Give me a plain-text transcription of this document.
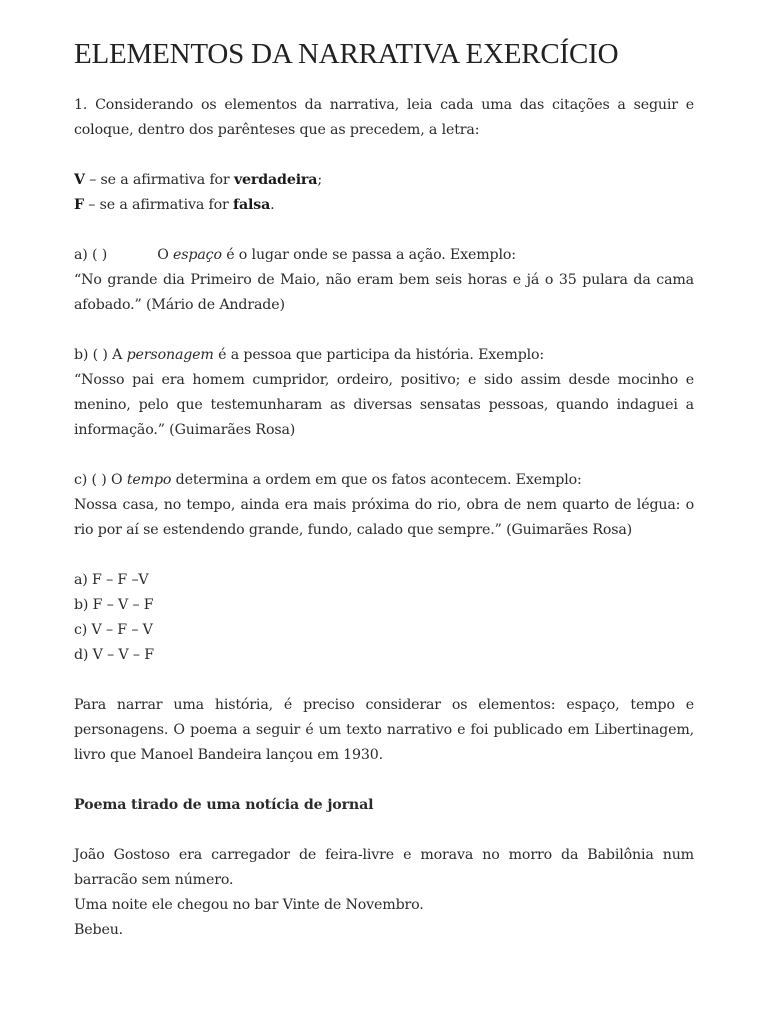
ELEMENTOS DA NARRATIVA EXERCÍCIO

1. Considerando os elementos da narrativa, leia cada uma das citações a seguir e coloque, dentro dos parênteses que as precedem, a letra:

V – se a afirmativa for verdadeira;

F – se a afirmativa for falsa.

a) ( )	O espaço é o lugar onde se passa a ação. Exemplo:

“No grande dia Primeiro de Maio, não eram bem seis horas e já o 35 pulara da cama afobado.” (Mário de Andrade)

b) ( ) A personagem é a pessoa que participa da história. Exemplo:

“Nosso pai era homem cumpridor, ordeiro, positivo; e sido assim desde mocinho e menino, pelo que testemunharam as diversas sensatas pessoas, quando indaguei a informação.” (Guimarães Rosa)

c) ( ) O tempo determina a ordem em que os fatos acontecem. Exemplo:

Nossa casa, no tempo, ainda era mais próxima do rio, obra de nem quarto de légua: o rio por aí se estendendo grande, fundo, calado que sempre.” (Guimarães Rosa)

a) F – F –V

b) F – V – F

c) V – F – V

d) V – V – F

Para narrar uma história, é preciso considerar os elementos: espaço, tempo e personagens. O poema a seguir é um texto narrativo e foi publicado em Libertinagem, livro que Manoel Bandeira lançou em 1930.

Poema tirado de uma notícia de jornal

João Gostoso era carregador de feira-livre e morava no morro da Babilônia num barracão sem número.

Uma noite ele chegou no bar Vinte de Novembro.

Bebeu.
